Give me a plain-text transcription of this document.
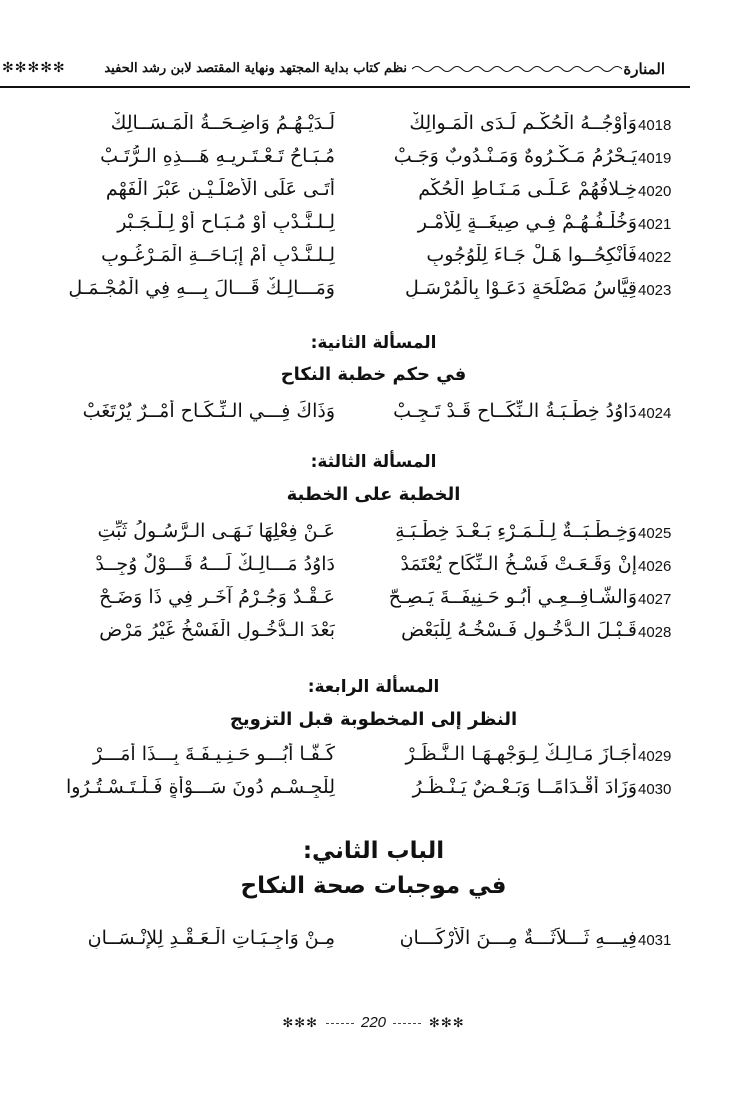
المنارة
نظم كتاب بداية المجتهد ونهاية المقتصد لابن رشد الحفيد
✻✻✻✻✻
4018
وَأَوْجُــهُ الْحُكْـمِ لَـدَى الْمَـوالِكْ
لَـدَيْـهُـمُ وَاضِـحَــةُ الْمَـسَــالِكْ
4019
يَـحْرُمُ مَـكْـرُوهٌ وَمَـنْـدُوبٌ وَجَـبْ
مُـبَـاحُ تَـعْـتَـرِيـهِ هَـــذِهِ الـرُّتَـبْ
4020
خِـلافُهُمْ عَـلَـى مَـنَـاطِ الْحُكْمِ
أَتَـى عَلَى الْأَصْلَـيْـنِ عَبْرَ الْفَهْمِ
4021
وَخُلْـفُـهُـمْ فِـي صِيغَــةٍ لِلْأَمْـرِ
لِـلـنَّـدْبِ أَوْ مُـبَـاحٍ أَوْ لِـلْـجَـبْرِ
4022
فَأَنْكِحُــوا هَـلْ جَـاءَ لِلْوُجُوبِ
لِـلـنَّـدْبِ أَمْ إِبَـاحَــةِ الْمَـرْغُـوبِ
4023
قِيَّاسُ مَصْلَحَةٍ دَعَـوْا بِالْمُرْسَـلِ
وَمَـــالِـكٌ قَـــالَ بِـــهِ فِي الْمُجْـمَـلِ
المسألة الثانية:
في حكم خطبة النكاح
4024
دَاوُدُ خِطْـبَـةُ الـنِّكَــاحِ قَـدْ تَـجِـبْ
وَذَاكَ فِـــي الـنِّـكَـاحِ أَمْــرٌ يُرْتَغَبْ
المسألة الثالثة:
الخطبة على الخطبة
4025
وَخِـطْـبَــةٌ لِـلْـمَـرْءِ بَـعْـدَ خِطْـبَـةِ
عَـنْ فِعْلِهَا نَـهَـى الـرَّسُـولُ ثَبِّتِ
4026
إِنْ وَقَـعَـتْ فَسْـخُ الـنِّكَاحِ يُعْتَمَدْ
دَاوُدُ مَـــالِـكٌ لَـــهُ قَـــوْلٌ وُجِــدْ
4027
وَالشَّـافِــعِـي أَبُـو حَـنِيفَــةَ يَـصِـحّ
عَـقْـدٌ وَجُـرْمُ آخَـرٍ فِي ذَا وَضَـحْ
4028
قَـبْـلَ الـدُّخُـولِ فَـسْخُـهُ لِلْبَعْضِ
بَعْدَ الـدُّخُـولِ الْفَسْخُ غَيْرُ مَرْضِ
المسألة الرابعة:
النظر إلى المخطوبة قبل التزويج
4029
أَجَـازَ مَـالِـكٌ لِـوَجْهِـهَـا الـنَّـظَـرْ
كَـفًّـا أَبُـــو حَـنِـيـفَـةَ بِـــذَا أَمَـــرْ
4030
وَزَادَ أَقْـدَامًــا وَبَـعْـضٌ يَـنْـظُـرُ
لِلْجِـسْـمِ دُونَ سَـــوْأَةٍ فَـلْـتَـسْـتُـرُوا
الباب الثاني:
في موجبات صحة النكاح
4031
فِيـــهِ ثَـــلاَثَـــةٌ مِـــنَ الْأَرْكَـــانِ
مِـنْ وَاجِـبَـاتِ الْـعَـقْـدِ لِلإِنْـسَــانِ
✻✻✻	220	✻✻✻
